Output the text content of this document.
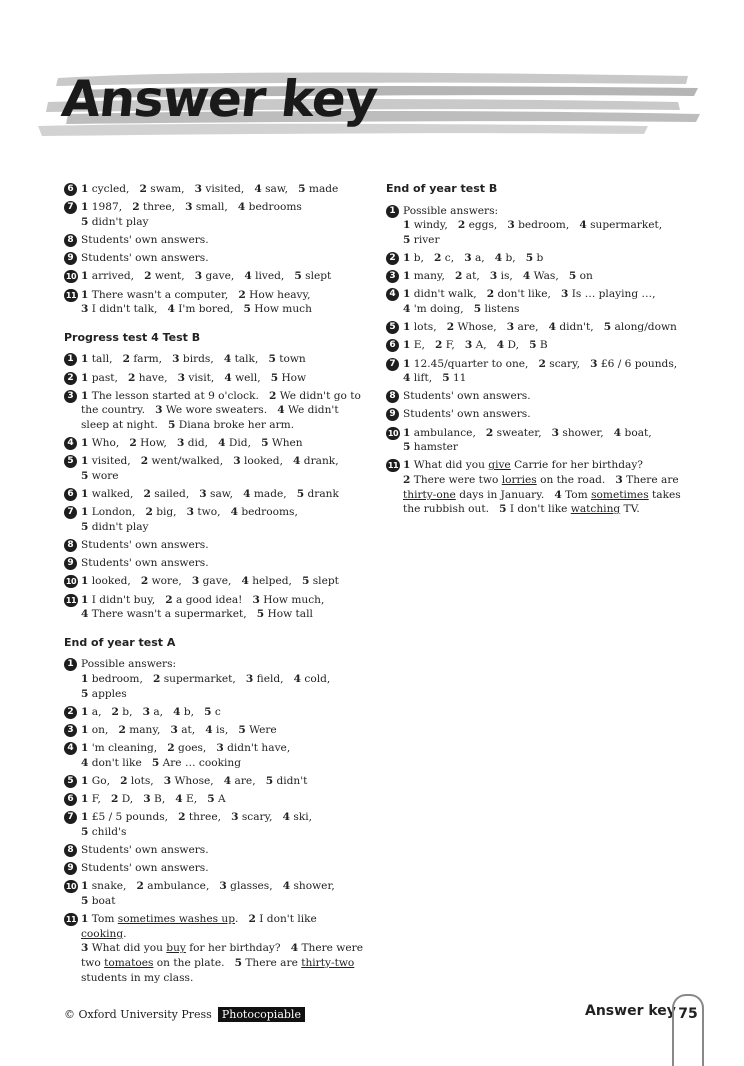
Answer key
6 1 cycled, 2 swam, 3 visited, 4 saw, 5 made
7 1 1987, 2 three, 3 small, 4 bedrooms
5 didn't play
8 Students' own answers.
9 Students' own answers.
10 1 arrived, 2 went, 3 gave, 4 lived, 5 slept
11 1 There wasn't a computer, 2 How heavy,
3 I didn't talk, 4 I'm bored, 5 How much
Progress test 4 Test B
1 1 tall, 2 farm, 3 birds, 4 talk, 5 town
2 1 past, 2 have, 3 visit, 4 well, 5 How
3 1 The lesson started at 9 o'clock. 2 We didn't go to
the country. 3 We wore sweaters. 4 We didn't
sleep at night. 5 Diana broke her arm.
4 1 Who, 2 How, 3 did, 4 Did, 5 When
5 1 visited, 2 went/walked, 3 looked, 4 drank,
5 wore
6 1 walked, 2 sailed, 3 saw, 4 made, 5 drank
7 1 London, 2 big, 3 two, 4 bedrooms,
5 didn't play
8 Students' own answers.
9 Students' own answers.
10 1 looked, 2 wore, 3 gave, 4 helped, 5 slept
11 1 I didn't buy, 2 a good idea! 3 How much,
4 There wasn't a supermarket, 5 How tall
End of year test A
1 Possible answers:
1 bedroom, 2 supermarket, 3 field, 4 cold,
5 apples
2 1 a, 2 b, 3 a, 4 b, 5 c
3 1 on, 2 many, 3 at, 4 is, 5 Were
4 1 'm cleaning, 2 goes, 3 didn't have,
4 don't like 5 Are … cooking
5 1 Go, 2 lots, 3 Whose, 4 are, 5 didn't
6 1 F, 2 D, 3 B, 4 E, 5 A
7 1 £5 / 5 pounds, 2 three, 3 scary, 4 ski,
5 child's
8 Students' own answers.
9 Students' own answers.
10 1 snake, 2 ambulance, 3 glasses, 4 shower,
5 boat
11 1 Tom sometimes washes up. 2 I don't like cooking.
3 What did you buy for her birthday? 4 There were
two tomatoes on the plate. 5 There are thirty-two
students in my class.
End of year test B
1 Possible answers:
1 windy, 2 eggs, 3 bedroom, 4 supermarket,
5 river
2 1 b, 2 c, 3 a, 4 b, 5 b
3 1 many, 2 at, 3 is, 4 Was, 5 on
4 1 didn't walk, 2 don't like, 3 Is … playing …,
4 'm doing, 5 listens
5 1 lots, 2 Whose, 3 are, 4 didn't, 5 along/down
6 1 E, 2 F, 3 A, 4 D, 5 B
7 1 12.45/quarter to one, 2 scary, 3 £6 / 6 pounds,
4 lift, 5 11
8 Students' own answers.
9 Students' own answers.
10 1 ambulance, 2 sweater, 3 shower, 4 boat,
5 hamster
11 1 What did you give Carrie for her birthday?
2 There were two lorries on the road. 3 There are
thirty-one days in January. 4 Tom sometimes takes
the rubbish out. 5 I don't like watching TV.
© Oxford University Press Photocopiable	Answer key 75
